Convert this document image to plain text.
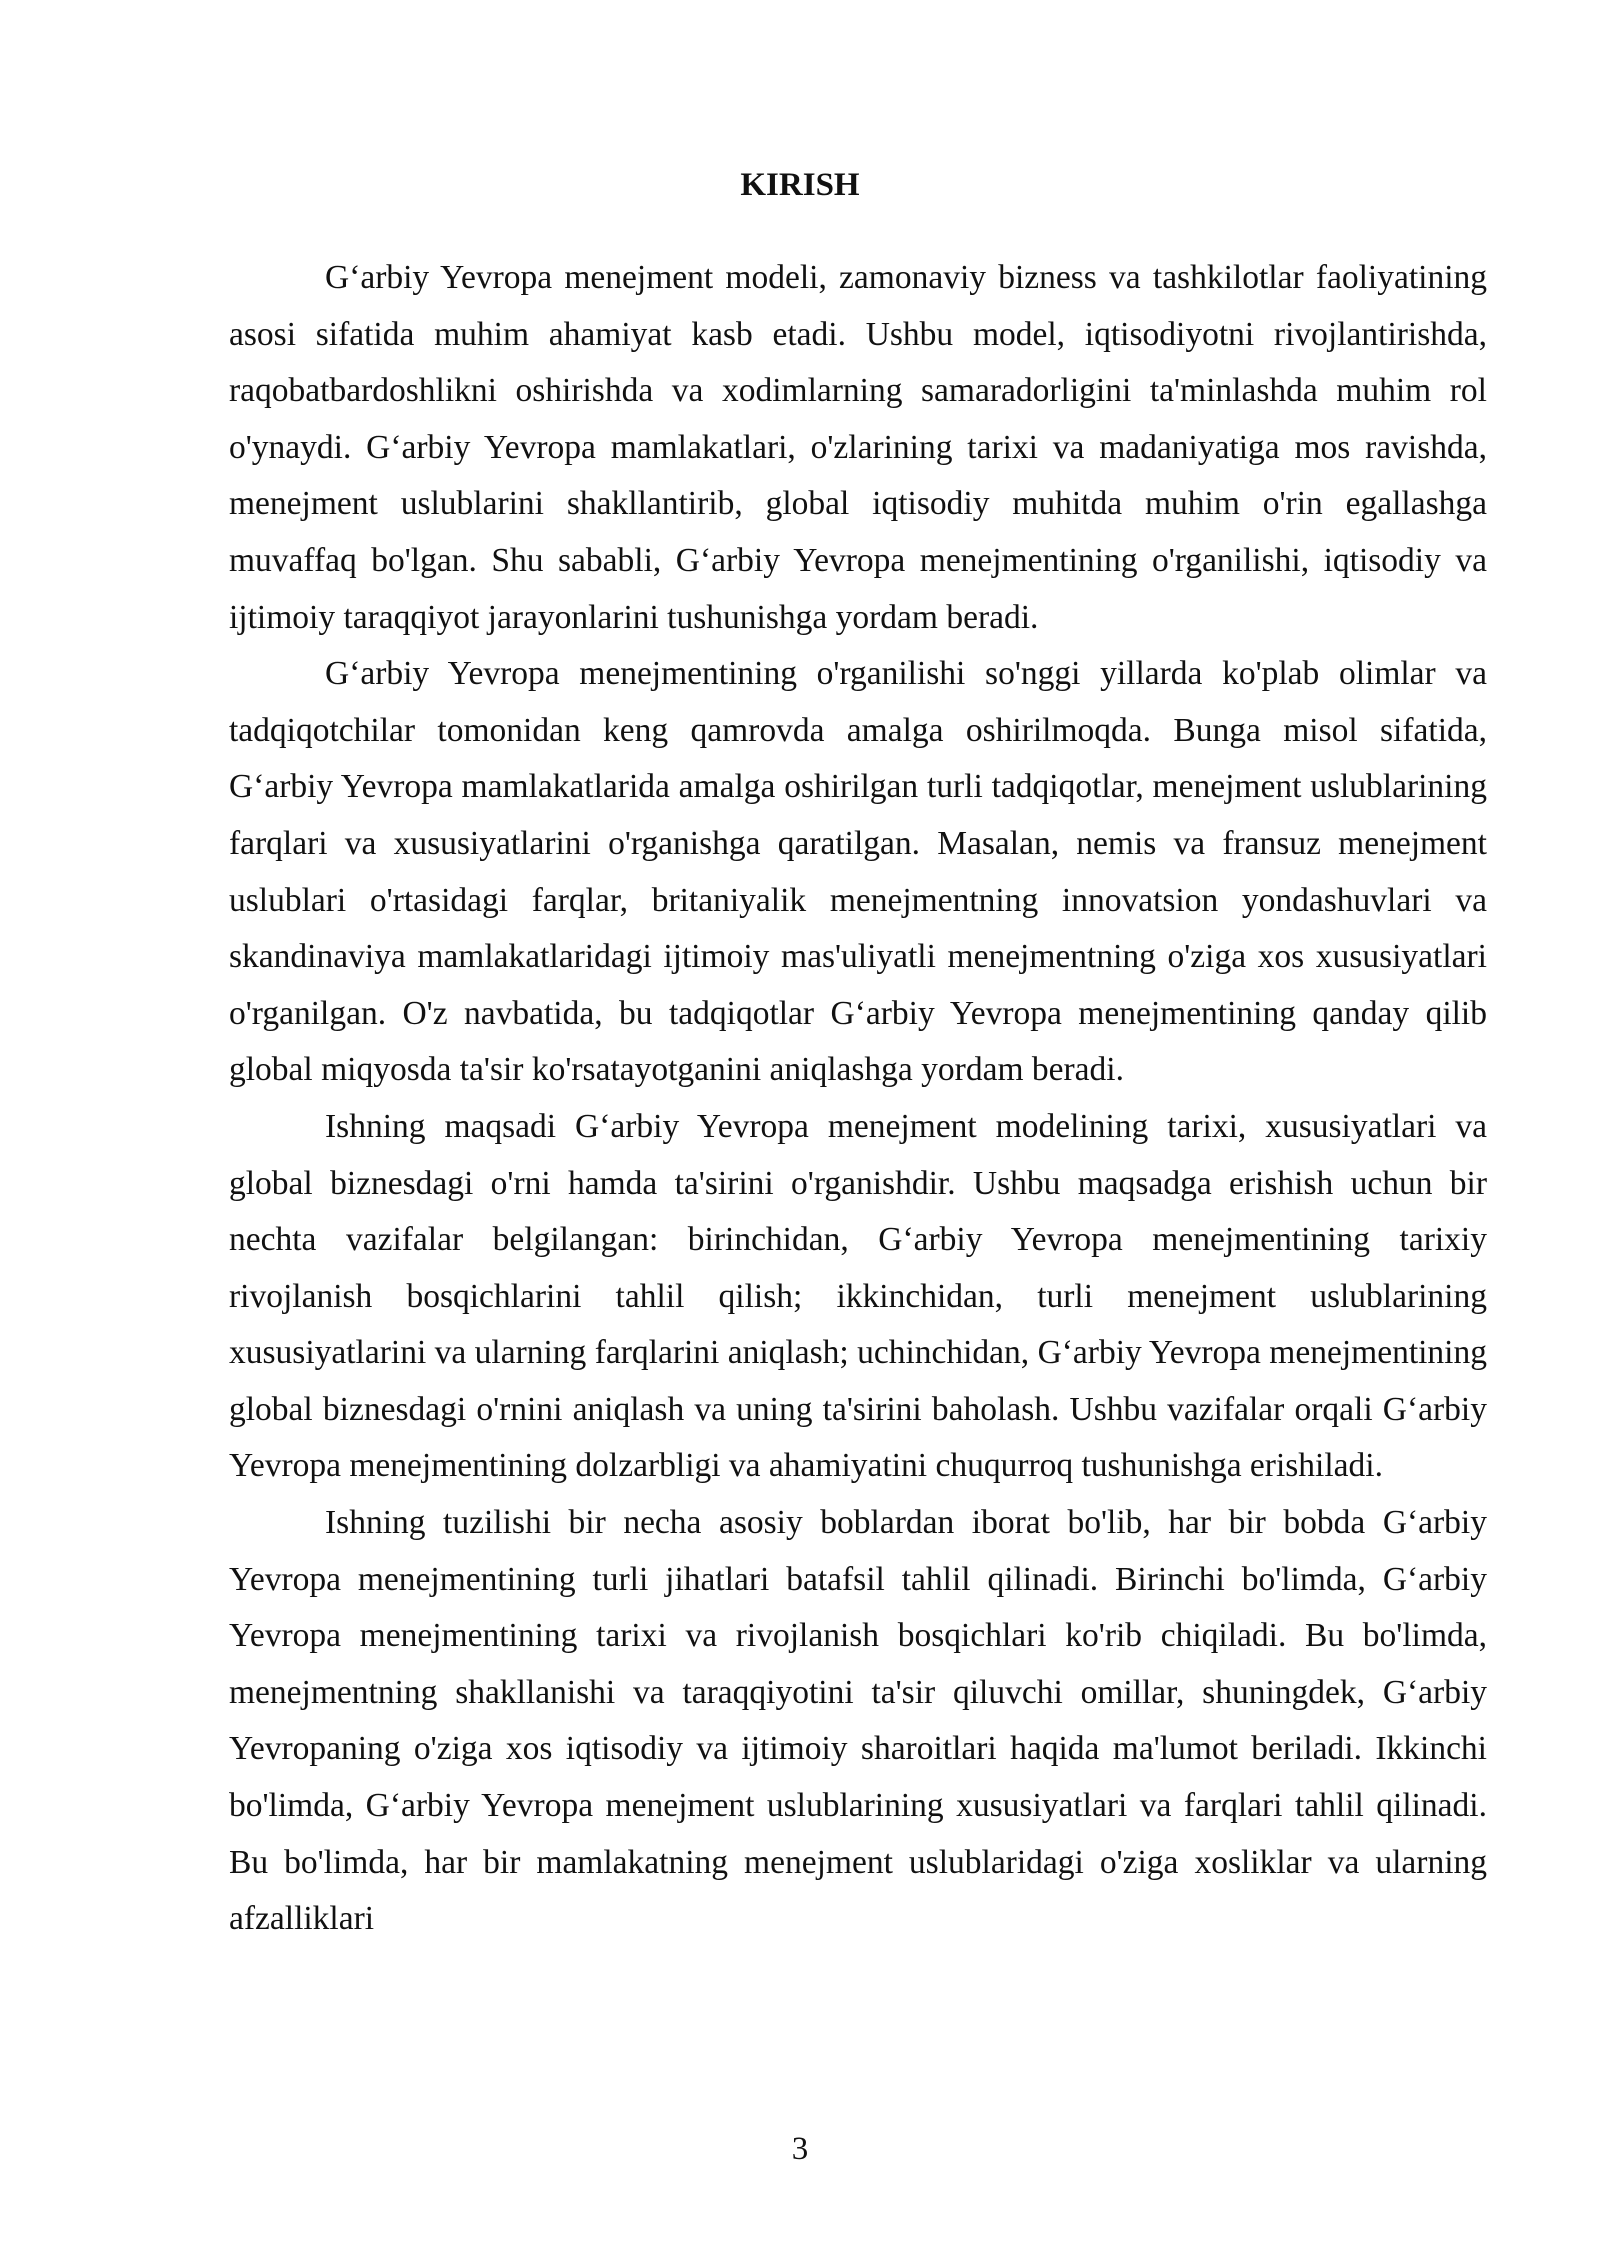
KIRISH

G‘arbiy Yevropa menejment modeli, zamonaviy bizness va tashkilotlar faoliyatining asosi sifatida muhim ahamiyat kasb etadi. Ushbu model, iqtisodiyotni rivojlantirishda, raqobatbardoshlikni oshirishda va xodimlarning samaradorligini ta'minlashda muhim rol o'ynaydi. G‘arbiy Yevropa mamlakatlari, o'zlarining tarixi va madaniyatiga mos ravishda, menejment uslublarini shakllantirib, global iqtisodiy muhitda muhim o'rin egallashga muvaffaq bo'lgan. Shu sababli, G‘arbiy Yevropa menejmentining o'rganilishi, iqtisodiy va ijtimoiy taraqqiyot jarayonlarini tushunishga yordam beradi.

G‘arbiy Yevropa menejmentining o'rganilishi so'nggi yillarda ko'plab olimlar va tadqiqotchilar tomonidan keng qamrovda amalga oshirilmoqda. Bunga misol sifatida, G‘arbiy Yevropa mamlakatlarida amalga oshirilgan turli tadqiqotlar, menejment uslublarining farqlari va xususiyatlarini o'rganishga qaratilgan. Masalan, nemis va fransuz menejment uslublari o'rtasidagi farqlar, britaniyalik menejmentning innovatsion yondashuvlari va skandinaviya mamlakatlaridagi ijtimoiy mas'uliyatli menejmentning o'ziga xos xususiyatlari o'rganilgan. O'z navbatida, bu tadqiqotlar G‘arbiy Yevropa menejmentining qanday qilib global miqyosda ta'sir ko'rsatayotganini aniqlashga yordam beradi.

Ishning maqsadi G‘arbiy Yevropa menejment modelining tarixi, xususiyatlari va global biznesdagi o'rni hamda ta'sirini o'rganishdir. Ushbu maqsadga erishish uchun bir nechta vazifalar belgilangan: birinchidan, G‘arbiy Yevropa menejmentining tarixiy rivojlanish bosqichlarini tahlil qilish; ikkinchidan, turli menejment uslublarining xususiyatlarini va ularning farqlarini aniqlash; uchinchidan, G‘arbiy Yevropa menejmentining global biznesdagi o'rnini aniqlash va uning ta'sirini baholash. Ushbu vazifalar orqali G‘arbiy Yevropa menejmentining dolzarbligi va ahamiyatini chuqurroq tushunishga erishiladi.

Ishning tuzilishi bir necha asosiy boblardan iborat bo'lib, har bir bobda G‘arbiy Yevropa menejmentining turli jihatlari batafsil tahlil qilinadi. Birinchi bo'limda, G‘arbiy Yevropa menejmentining tarixi va rivojlanish bosqichlari ko'rib chiqiladi. Bu bo'limda, menejmentning shakllanishi va taraqqiyotini ta'sir qiluvchi omillar, shuningdek, G‘arbiy Yevropaning o'ziga xos iqtisodiy va ijtimoiy sharoitlari haqida ma'lumot beriladi. Ikkinchi bo'limda, G‘arbiy Yevropa menejment uslublarining xususiyatlari va farqlari tahlil qilinadi. Bu bo'limda, har bir mamlakatning menejment uslublaridagi o'ziga xosliklar va ularning afzalliklari

3
